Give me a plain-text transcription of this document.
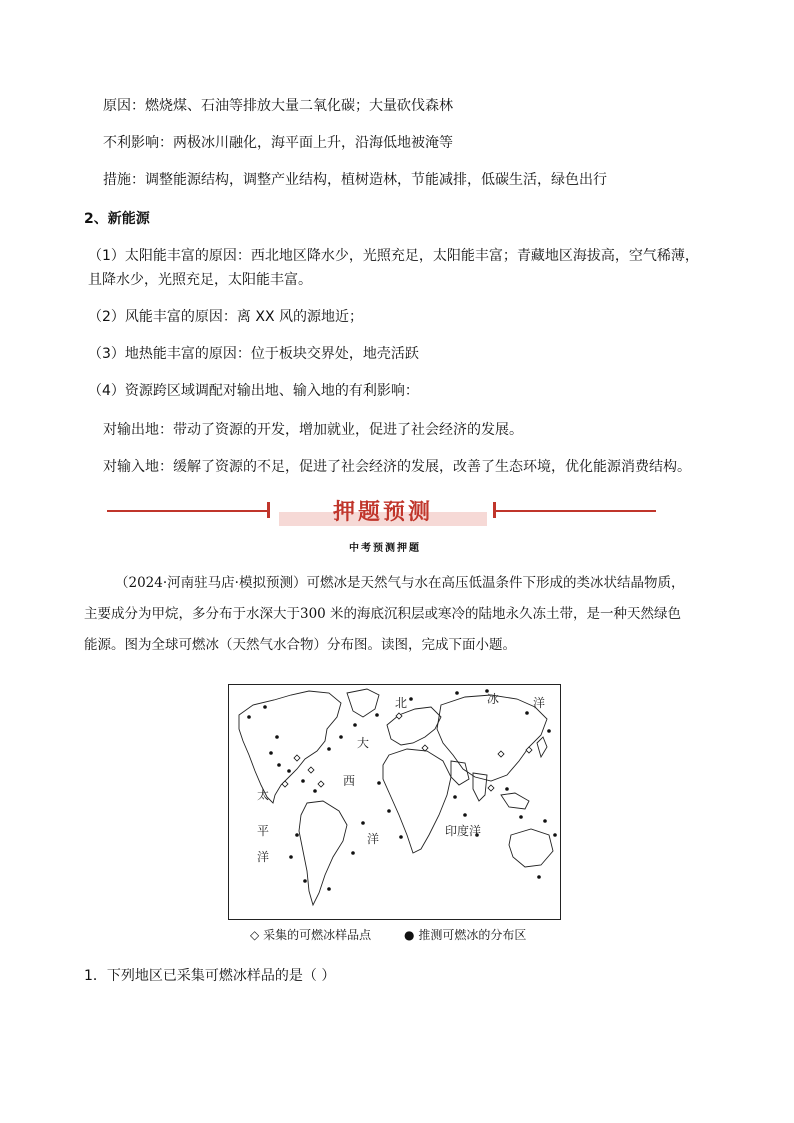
原因：燃烧煤、石油等排放大量二氧化碳；大量砍伐森林
不利影响：两极冰川融化，海平面上升，沿海低地被淹等
措施：调整能源结构，调整产业结构，植树造林，节能减排，低碳生活，绿色出行
2、新能源
（1）太阳能丰富的原因：西北地区降水少，光照充足，太阳能丰富；青藏地区海拔高，空气稀薄，
且降水少，光照充足，太阳能丰富。
（2）风能丰富的原因：离 XX 风的源地近；
（3）地热能丰富的原因：位于板块交界处，地壳活跃
（4）资源跨区域调配对输出地、输入地的有利影响：
对输出地：带动了资源的开发，增加就业，促进了社会经济的发展。
对输入地：缓解了资源的不足，促进了社会经济的发展，改善了生态环境，优化能源消费结构。
押题预测
中考预测押题
（2024·河南驻马店·模拟预测）可燃冰是天然气与水在高压低温条件下形成的类冰状结晶物质，
主要成分为甲烷，多分布于水深大于300 米的海底沉积层或寒冷的陆地永久冻土带，是一种天然绿色
能源。图为全球可燃冰（天然气水合物）分布图。读图，完成下面小题。
北	冰	洋
大
西
洋
太
平
洋
印度洋
◇ 采集的可燃冰样品点	● 推测可燃冰的分布区
1．下列地区已采集可燃冰样品的是（ ）
